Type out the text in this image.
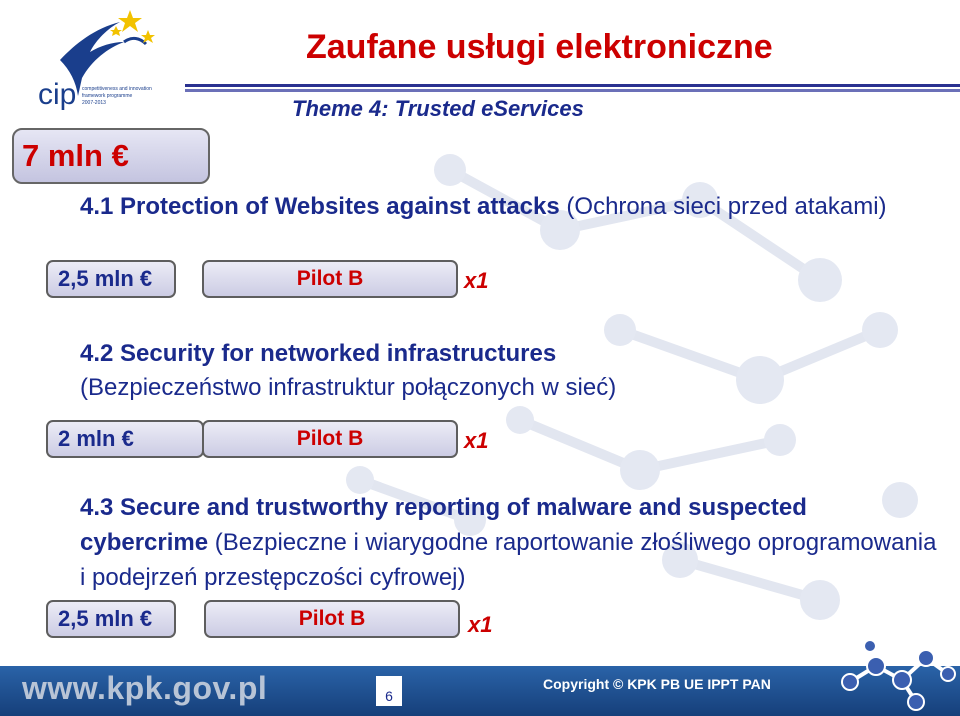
cip competitiveness and innovation
framework programme
2007-2013
Zaufane usługi elektroniczne
Theme 4: Trusted eServices
7 mln €

4.1 Protection of Websites against attacks (Ochrona sieci przed atakami)

2,5 mln €	Pilot B	x1

4.2 Security for networked infrastructures
(Bezpieczeństwo infrastruktur połączonych w sieć)

2 mln €	Pilot B	x1

4.3 Secure and trustworthy reporting of malware and suspected cybercrime (Bezpieczne i wiarygodne raportowanie złośliwego oprogramowania i podejrzeń przestępczości cyfrowej)

2,5 mln €	Pilot B	x1
www.kpk.gov.pl	Copyright © KPK PB UE IPPT PAN
6
